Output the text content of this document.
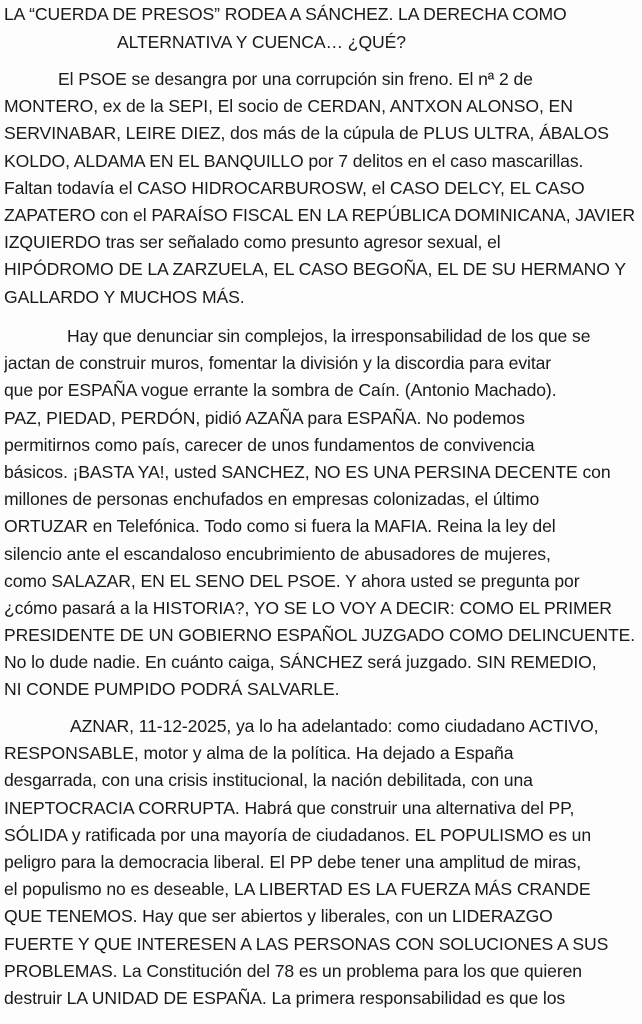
LA “CUERDA DE PRESOS” RODEA A SÁNCHEZ. LA DERECHA COMO
ALTERNATIVA Y CUENCA… ¿QUÉ?
El PSOE se desangra por una corrupción sin freno. El nª 2 de
MONTERO, ex de la SEPI, El socio de CERDAN, ANTXON ALONSO, EN
SERVINABAR, LEIRE DIEZ, dos más de la cúpula de PLUS ULTRA, ÁBALOS
KOLDO, ALDAMA EN EL BANQUILLO por 7 delitos en el caso mascarillas.
Faltan todavía el CASO HIDROCARBUROSW, el CASO DELCY, EL CASO
ZAPATERO con el PARAÍSO FISCAL EN LA REPÚBLICA DOMINICANA, JAVIER
IZQUIERDO tras ser señalado como presunto agresor sexual, el
HIPÓDROMO DE LA ZARZUELA, EL CASO BEGOÑA, EL DE SU HERMANO Y
GALLARDO Y MUCHOS MÁS.
Hay que denunciar sin complejos, la irresponsabilidad de los que se
jactan de construir muros, fomentar la división y la discordia para evitar
que por ESPAÑA vogue errante la sombra de Caín. (Antonio Machado).
PAZ, PIEDAD, PERDÓN, pidió AZAÑA para ESPAÑA. No podemos
permitirnos como país, carecer de unos fundamentos de convivencia
básicos. ¡BASTA YA!, usted SANCHEZ, NO ES UNA PERSINA DECENTE con
millones de personas enchufados en empresas colonizadas, el último
ORTUZAR en Telefónica. Todo como si fuera la MAFIA. Reina la ley del
silencio ante el escandaloso encubrimiento de abusadores de mujeres,
como SALAZAR, EN EL SENO DEL PSOE. Y ahora usted se pregunta por
¿cómo pasará a la HISTORIA?, YO SE LO VOY A DECIR: COMO EL PRIMER
PRESIDENTE DE UN GOBIERNO ESPAÑOL JUZGADO COMO DELINCUENTE.
No lo dude nadie. En cuánto caiga, SÁNCHEZ será juzgado. SIN REMEDIO,
NI CONDE PUMPIDO PODRÁ SALVARLE.
AZNAR, 11-12-2025, ya lo ha adelantado: como ciudadano ACTIVO,
RESPONSABLE, motor y alma de la política. Ha dejado a España
desgarrada, con una crisis institucional, la nación debilitada, con una
INEPTOCRACIA CORRUPTA. Habrá que construir una alternativa del PP,
SÓLIDA y ratificada por una mayoría de ciudadanos. EL POPULISMO es un
peligro para la democracia liberal. El PP debe tener una amplitud de miras,
el populismo no es deseable, LA LIBERTAD ES LA FUERZA MÁS CRANDE
QUE TENEMOS. Hay que ser abiertos y liberales, con un LIDERAZGO
FUERTE Y QUE INTERESEN A LAS PERSONAS CON SOLUCIONES A SUS
PROBLEMAS. La Constitución del 78 es un problema para los que quieren
destruir LA UNIDAD DE ESPAÑA. La primera responsabilidad es que los
